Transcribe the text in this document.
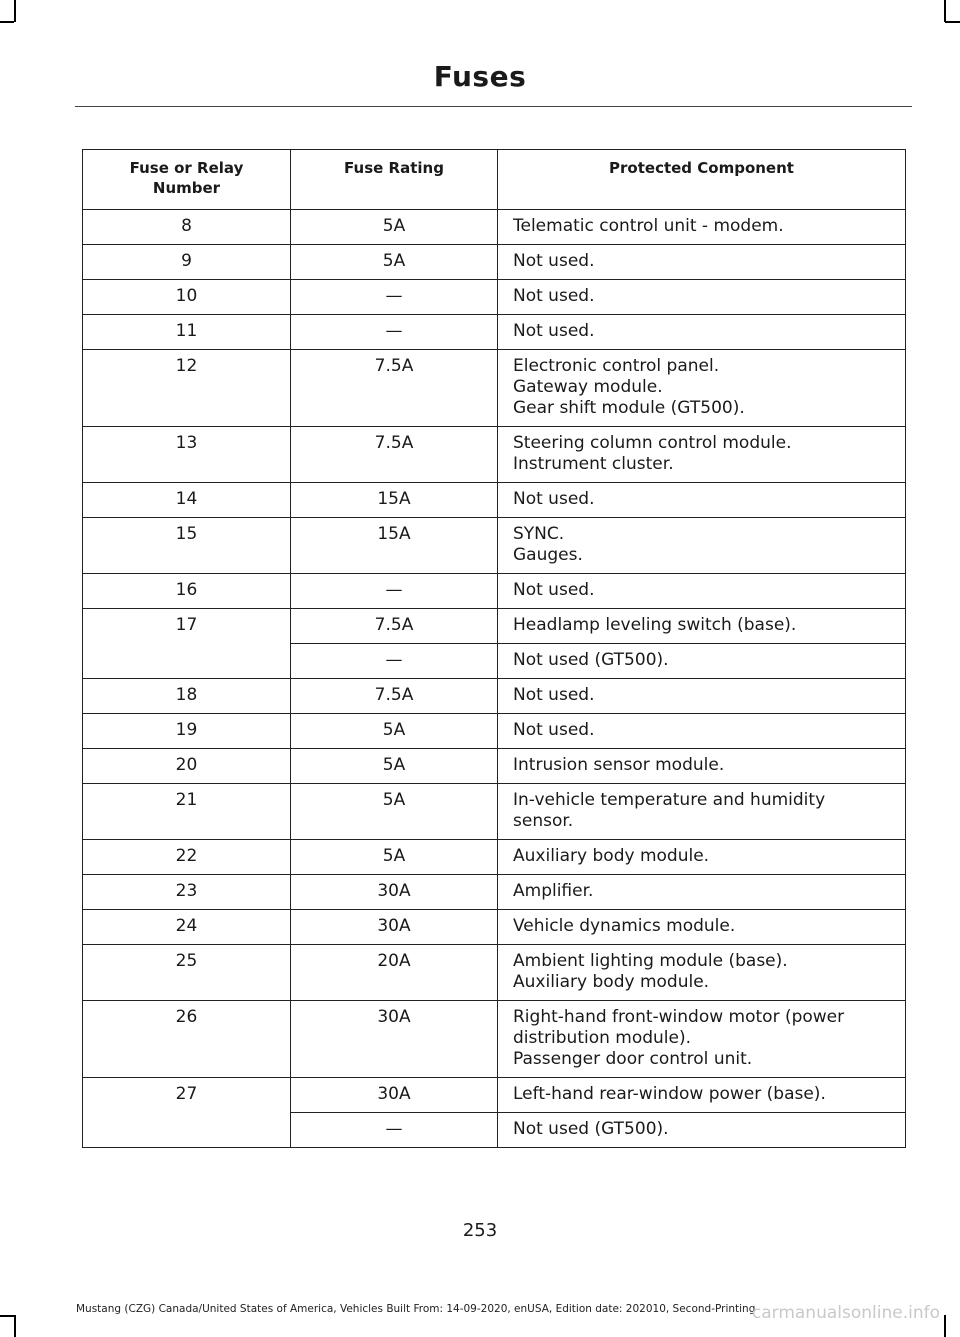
Fuses
Fuse or Relay Number	Fuse Rating	Protected Component
8	5A	Telematic control unit - modem.

9	5A	Not used.

10	—	Not used.

11	—	Not used.

12	7.5A	Electronic control panel.
Gateway module.
Gear shift module (GT500).

13	7.5A	Steering column control module.
Instrument cluster.

14	15A	Not used.

15	15A	SYNC.
Gauges.

16	—	Not used.

17	7.5A	Headlamp leveling switch (base).

	—	Not used (GT500).

18	7.5A	Not used.

19	5A	Not used.

20	5A	Intrusion sensor module.

21	5A	In-vehicle temperature and humidity
sensor.

22	5A	Auxiliary body module.

23	30A	Amplifier.

24	30A	Vehicle dynamics module.

25	20A	Ambient lighting module (base).
Auxiliary body module.

26	30A	Right-hand front-window motor (power
distribution module).
Passenger door control unit.

27	30A	Left-hand rear-window power (base).

	—	Not used (GT500).
253
Mustang (CZG) Canada/United States of America, Vehicles Built From: 14-09-2020, enUSA, Edition date: 202010, Second-Printing
carmanualsonline.info
